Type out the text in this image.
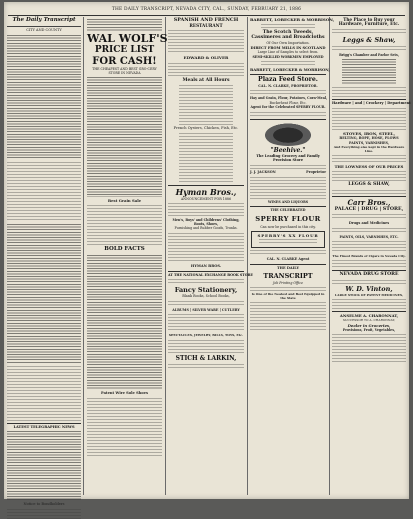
THE DAILY TRANSCRIPT, NEVADA CITY, CAL., SUNDAY, FEBRUARY 21, 1886
The Daily Transcript
CITY AND COUNTY
LATEST TELEGRAPHIC NEWS
Notice to Bondholders
WAL WOLF'S
PRICE LIST
FOR CASH!
THE CHEAPEST AND BEST GRO-CERY STORE IN NEVADA
Best Grain Sale
BOLD FACTS
Patent Wire Sole Shoes
SPANISH AND FRENCH
RESTAURANT
EDWARD & OLIVER
Meals at All Hours
French Oysters, Chicken, Fish, Etc.
Hyman Bros.,
ANNOUNCEMENT FOR 1886
Men's, Boys' and Childrens' Clothing, Boots, Shoes,
Furnishing and Rubber Goods, Trunks.
HYMAN BROS.
AT THE NATIONAL EXCHANGE BOOK STORE
Fancy Stationery,
Blank Books, School Books,
ALBUMS | SILVER WARE | CUTLERY
SPECTACLES, JEWELRY, BILLS, TOYS, Etc.
STICH & LARKIN,
BARRETT, LOBECKER & MORRISON,
The Scotch Tweeds, Cassimeres and Broadcloths
Of Our Own Importation.
DIRECT FROM MILLS IN SCOTLAND
Large Line of Samples to select from.
SEMI-SKILLED WORKMEN EMPLOYED
BARRETT, LOBECKER & MORRISON,
Plaza Feed Store.
CAL. N. CLARKE, PROPRIETOR.
Hay and Grain, Flour, Potatoes, Corn-Meal,
Buckwheat Flour, Etc.
Agent for the Celebrated SPERRY FLOUR.
"Beehive."
The Leading Grocery and Family Provision Store
J. J. JACKSON	Proprietor
WINES AND LIQUORS
THE CELEBRATED
SPERRY FLOUR
Can now be purchased in this city.
SPERRY'S XX FLOUR
CAL. N. CLARKE Agent
THE DAILY
TRANSCRIPT
Job Printing Office
Is One of the Neatest and Best Equipped in the State
The Place to Buy your Hardware, Furniture, Etc.
Leggs & Shaw,
Brigg's Chamber and Parlor Sets,
Hardware | and | Crockery | Department
STOVES, IRON, STEEL,
BELTING, ROPE, HOSE, PLOWS
PAINTS, VARNISHES,
And Everything else kept in the Hardware Line.
THE LOWNESS OF OUR PRICES
LEGGS & SHAW,
Carr Bros.,
PALACE | DRUG | STORE,
Drugs and Medicines
PAINTS, OILS, VARNISHES, ETC.
The Finest Brands of Cigars in Nevada City.
NEVADA DRUG STORE
W. D. Vinton,
LARGE STOCK OF PATENT MEDICINES,
ANSELME A. CHARONNAT,
SUCCESSOR TO A. CHARONNAT,
Dealer in Groceries,
Provisions, Fruit, Vegetables,
